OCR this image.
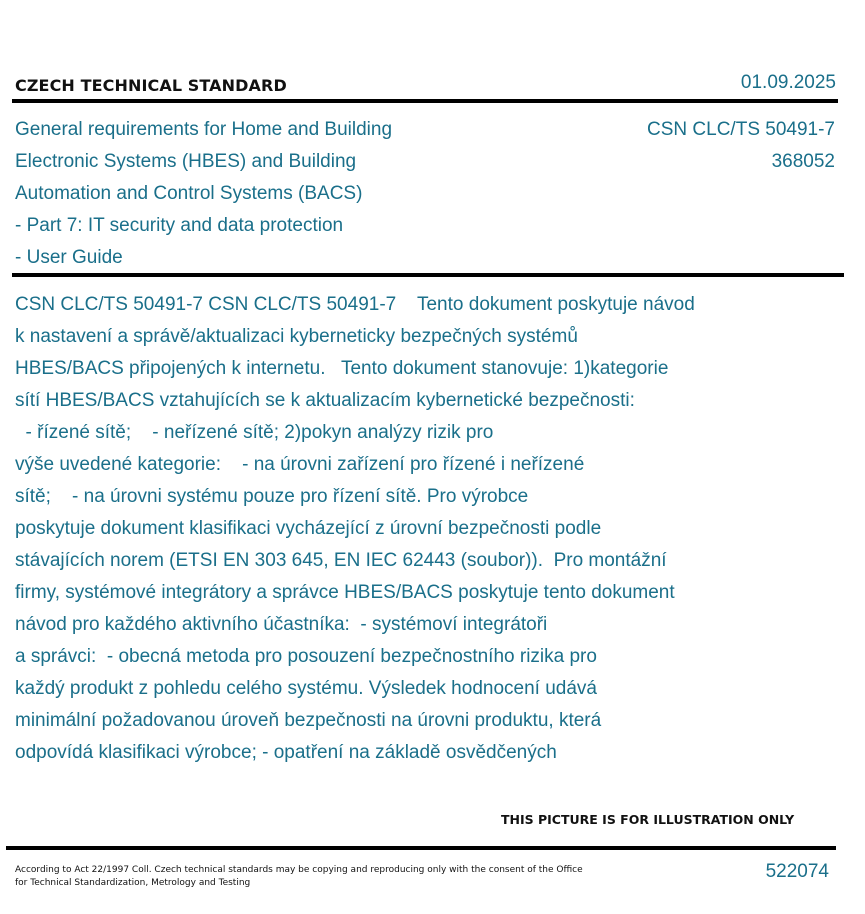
CZECH TECHNICAL STANDARD	01.09.2025
General requirements for Home and Building
Electronic Systems (HBES) and Building
Automation and Control Systems (BACS)
- Part 7: IT security and data protection
- User Guide
CSN CLC/TS 50491-7
368052
CSN CLC/TS 50491-7 CSN CLC/TS 50491-7    Tento dokument poskytuje návod
k nastavení a správě/aktualizaci kyberneticky bezpečných systémů
HBES/BACS připojených k internetu.   Tento dokument stanovuje: 1)kategorie
sítí HBES/BACS vztahujících se k aktualizacím kybernetické bezpečnosti:
- řízené sítě;    - neřízené sítě; 2)pokyn analýzy rizik pro
výše uvedené kategorie:    - na úrovni zařízení pro řízené i neřízené
sítě;    - na úrovni systému pouze pro řízení sítě. Pro výrobce
poskytuje dokument klasifikaci vycházející z úrovní bezpečnosti podle
stávajících norem (ETSI EN 303 645, EN IEC 62443 (soubor)).  Pro montážní
firmy, systémové integrátory a správce HBES/BACS poskytuje tento dokument
návod pro každého aktivního účastníka:  - systémoví integrátoři
a správci:  - obecná metoda pro posouzení bezpečnostního rizika pro
každý produkt z pohledu celého systému. Výsledek hodnocení udává
minimální požadovanou úroveň bezpečnosti na úrovni produktu, která
odpovídá klasifikaci výrobce; - opatření na základě osvědčených
THIS PICTURE IS FOR ILLUSTRATION ONLY
According to Act 22/1997 Coll. Czech technical standards may be copying and reproducing only with the consent of the Office
for Technical Standardization, Metrology and Testing
522074
